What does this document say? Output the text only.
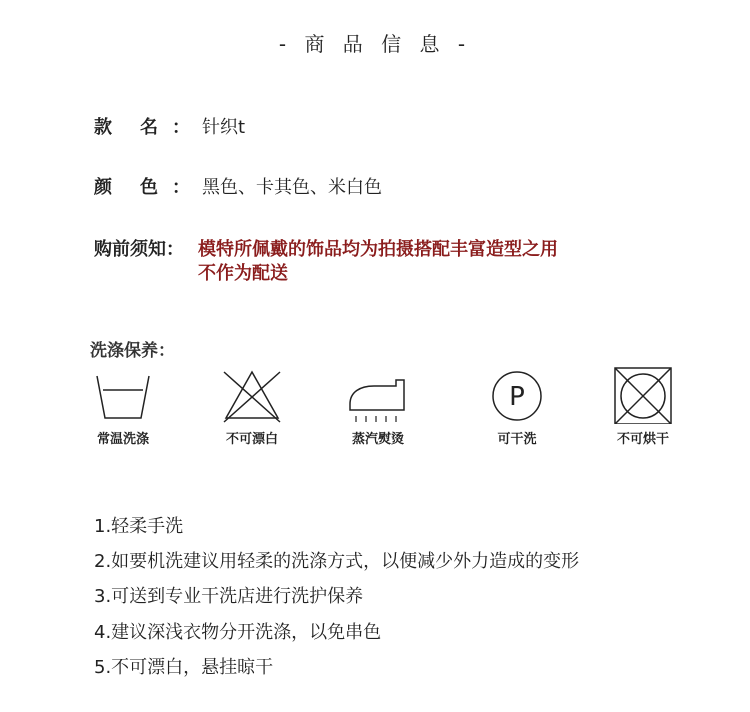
- 商 品 信 息 -
款 名 ： 针织t
颜 色 ： 黑色、卡其色、米白色
购前须知： 模特所佩戴的饰品均为拍摄搭配丰富造型之用
不作为配送
洗涤保养：
常温洗涤	不可漂白	蒸汽熨烫
P
可干洗	不可烘干
1.轻柔手洗
2.如要机洗建议用轻柔的洗涤方式，以便减少外力造成的变形
3.可送到专业干洗店进行洗护保养
4.建议深浅衣物分开洗涤，以免串色
5.不可漂白，悬挂晾干
